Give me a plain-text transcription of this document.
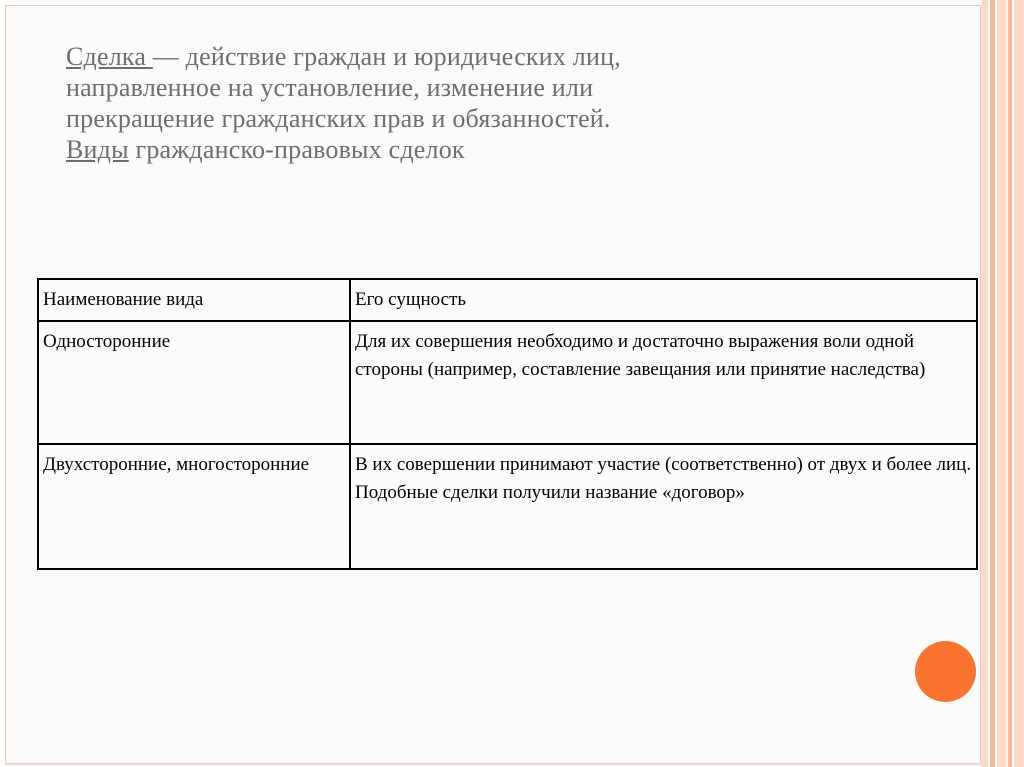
Сделка — действие граждан и юридических лиц,
направленное на установление, изменение или
прекращение гражданских прав и обязанностей.
Виды гражданско-правовых сделок
Наименование вида	Его сущность
Односторонние	Для их совершения необходимо и достаточно выражения воли одной стороны (например, составление завещания или принятие наследства)
Двухсторонние, многосторонние	В их совершении принимают участие (соответственно) от двух и более лиц. Подобные сделки получили название «договор»
